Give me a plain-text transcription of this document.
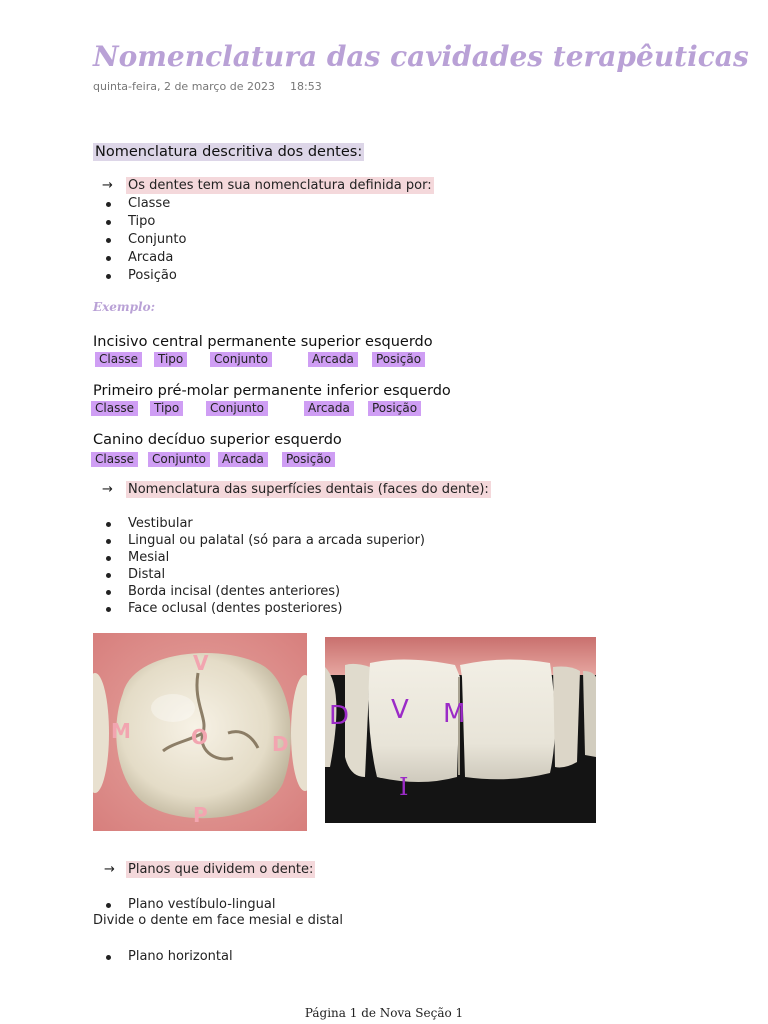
Nomenclatura das cavidades terapêuticas
quinta-feira, 2 de março de 2023 18:53
Nomenclatura descritiva dos dentes:
→ Os dentes tem sua nomenclatura definida por:
Classe
Tipo
Conjunto
Arcada
Posição
Exemplo:
Incisivo central permanente superior esquerdo
Classe	Tipo	Conjunto	Arcada	Posição
Primeiro pré-molar permanente inferior esquerdo
Classe	Tipo	Conjunto	Arcada	Posição
Canino decíduo superior esquerdo
Classe	Conjunto	Arcada	Posição
→ Nomenclatura das superfícies dentais (faces do dente):
Vestibular
Lingual ou palatal (só para a arcada superior)
Mesial
Distal
Borda incisal (dentes anteriores)
Face oclusal (dentes posteriores)
V
M	O	D
P
D V M
I
→ Planos que dividem o dente:
Plano vestíbulo-lingual
Divide o dente em face mesial e distal
Plano horizontal
Página 1 de Nova Seção 1
